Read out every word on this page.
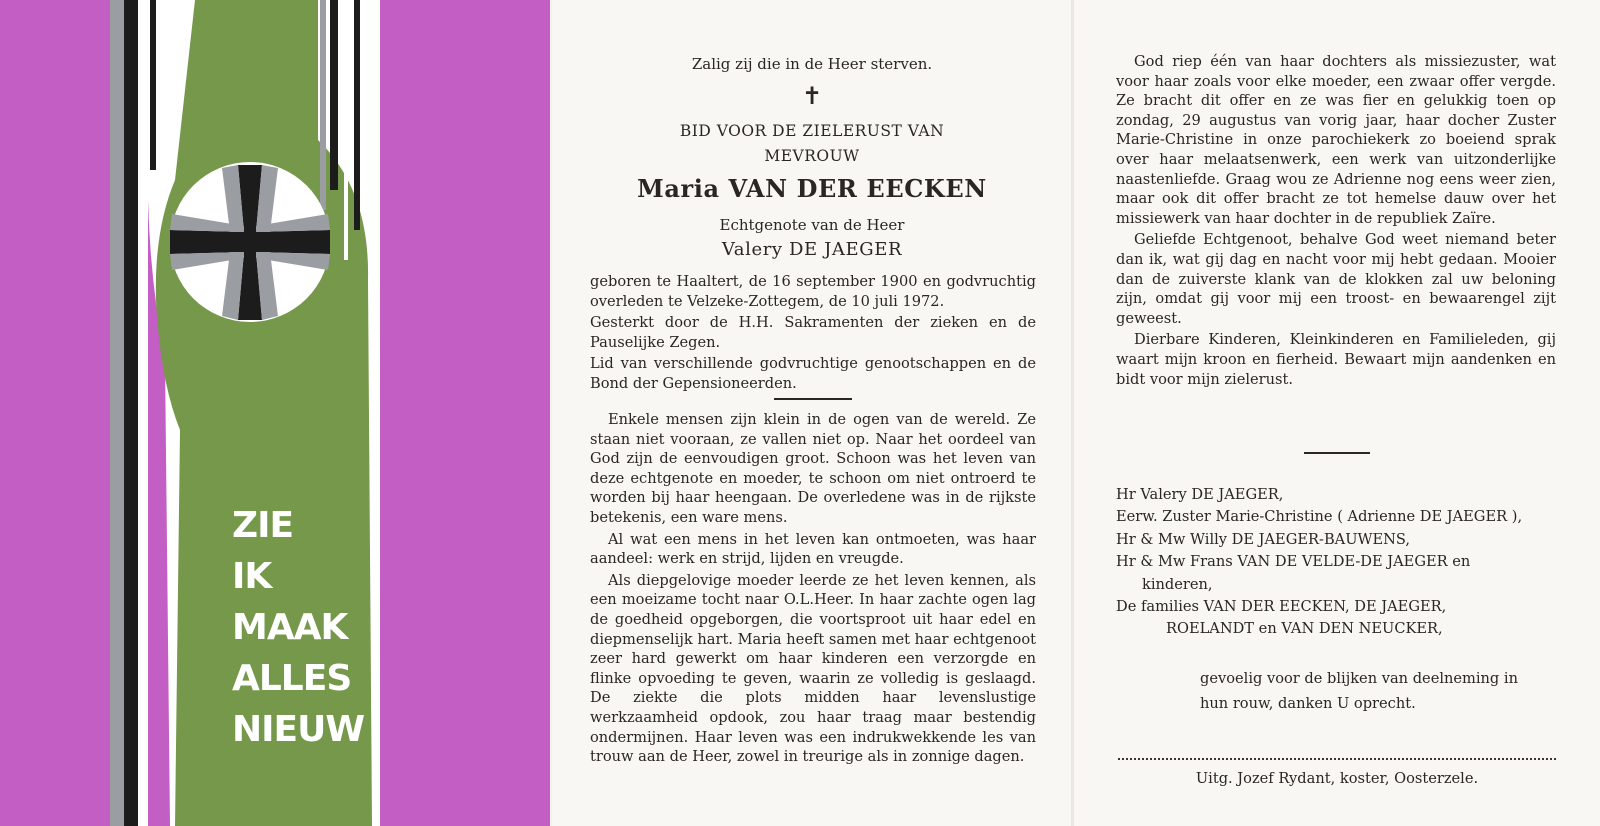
ZIE
IK
MAAK
ALLES
NIEUW
Zalig zij die in de Heer sterven.
✝
BID VOOR DE ZIELERUST VAN
MEVROUW
Maria VAN DER EECKEN
Echtgenote van de Heer
Valery DE JAEGER

geboren te Haaltert, de 16 september 1900 en godvruchtig overleden te Velzeke-Zottegem, de 10 juli 1972.

Gesterkt door de H.H. Sakramenten der zieken en de Pauselijke Zegen.

Lid van verschillende godvruchtige genootschappen en de Bond der Gepensioneerden.

Enkele mensen zijn klein in de ogen van de wereld. Ze staan niet vooraan, ze vallen niet op. Naar het oordeel van God zijn de eenvoudigen groot. Schoon was het leven van deze echtgenote en moeder, te schoon om niet ontroerd te worden bij haar heengaan. De overledene was in de rijkste betekenis, een ware mens.

Al wat een mens in het leven kan ontmoeten, was haar aandeel: werk en strijd, lijden en vreugde.

Als diepgelovige moeder leerde ze het leven kennen, als een moeizame tocht naar O.L.Heer. In haar zachte ogen lag de goedheid opgeborgen, die voortsproot uit haar edel en diepmenselijk hart. Maria heeft samen met haar echtgenoot zeer hard gewerkt om haar kinderen een verzorgde en flinke opvoeding te geven, waarin ze volledig is geslaagd. De ziekte die plots midden haar levenslustige werkzaamheid opdook, zou haar traag maar bestendig ondermijnen. Haar leven was een indrukwekkende les van trouw aan de Heer, zowel in treurige als in zonnige dagen.

God riep één van haar dochters als missiezuster, wat voor haar zoals voor elke moeder, een zwaar offer vergde. Ze bracht dit offer en ze was fier en gelukkig toen op zondag, 29 augustus van vorig jaar, haar docher Zuster Marie-Christine in onze parochiekerk zo boeiend sprak over haar melaatsenwerk, een werk van uitzonderlijke naastenliefde. Graag wou ze Adrienne nog eens weer zien, maar ook dit offer bracht ze tot hemelse dauw over het missiewerk van haar dochter in de republiek Zaïre.

Geliefde Echtgenoot, behalve God weet niemand beter dan ik, wat gij dag en nacht voor mij hebt gedaan. Mooier dan de zuiverste klank van de klokken zal uw beloning zijn, omdat gij voor mij een troost- en bewaarengel zijt geweest.

Dierbare Kinderen, Kleinkinderen en Familieleden, gij waart mijn kroon en fierheid. Bewaart mijn aandenken en bidt voor mijn zielerust.

Hr Valery DE JAEGER,
Eerw. Zuster Marie-Christine ( Adrienne DE JAEGER ),
Hr & Mw Willy DE JAEGER-BAUWENS,
Hr & Mw Frans VAN DE VELDE-DE JAEGER en
kinderen,
De families VAN DER EECKEN, DE JAEGER,
ROELANDT en VAN DEN NEUCKER,
gevoelig voor de blijken van deelneming in
hun rouw, danken U oprecht.
Uitg. Jozef Rydant, koster, Oosterzele.
